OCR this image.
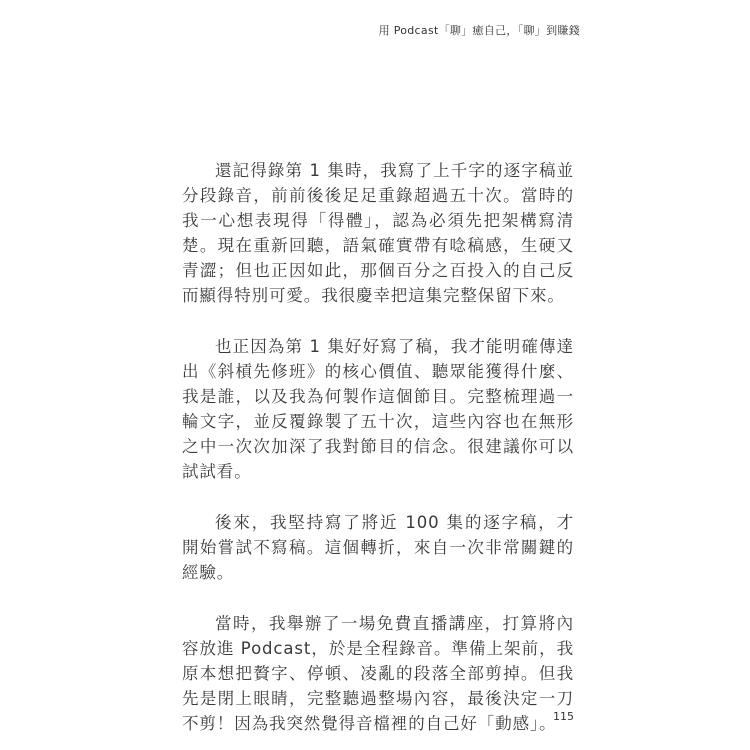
用 Podcast「聊」癒自己，「聊」到賺錢

還記得錄第 1 集時，我寫了上千字的逐字稿並分段錄音，前前後後足足重錄超過五十次。當時的我一心想表現得「得體」，認為必須先把架構寫清楚。現在重新回聽，語氣確實帶有唸稿感，生硬又青澀；但也正因如此，那個百分之百投入的自己反而顯得特別可愛。我很慶幸把這集完整保留下來。

也正因為第 1 集好好寫了稿，我才能明確傳達出《斜槓先修班》的核心價值、聽眾能獲得什麼、我是誰，以及我為何製作這個節目。完整梳理過一輪文字，並反覆錄製了五十次，這些內容也在無形之中一次次加深了我對節目的信念。很建議你可以試試看。

後來，我堅持寫了將近 100 集的逐字稿，才開始嘗試不寫稿。這個轉折，來自一次非常關鍵的經驗。

當時，我舉辦了一場免費直播講座，打算將內容放進 Podcast，於是全程錄音。準備上架前，我原本想把贅字、停頓、凌亂的段落全部剪掉。但我先是閉上眼睛，完整聽過整場內容，最後決定一刀不剪！因為我突然覺得音檔裡的自己好「動感」。

115
